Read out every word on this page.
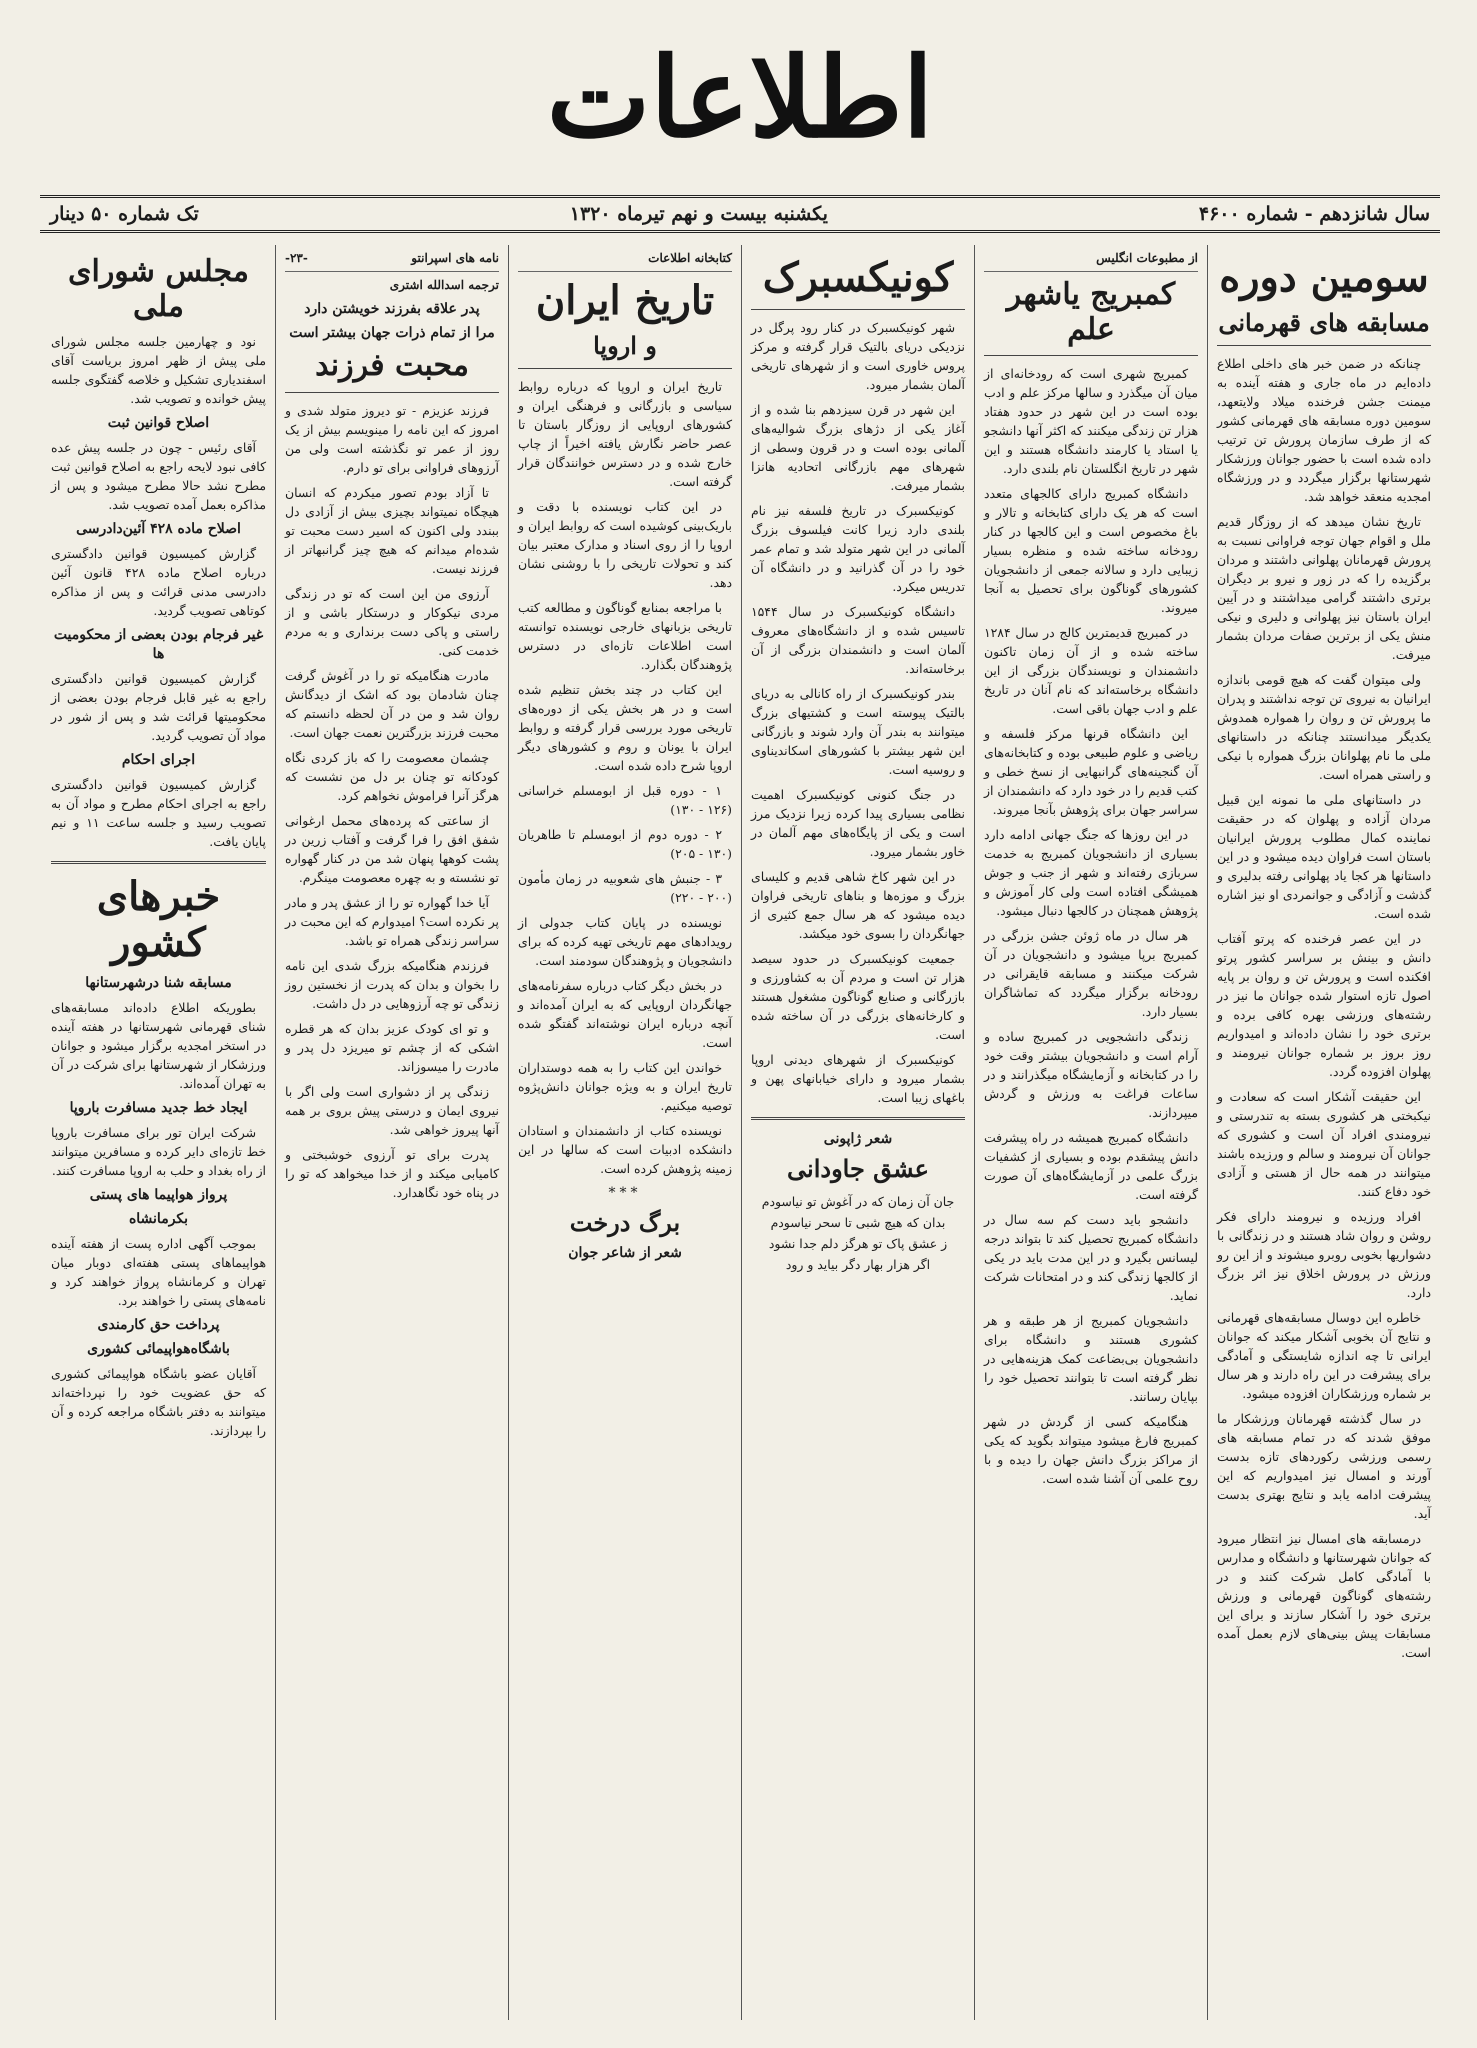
اطلاعات
سال شانزدهم - شماره ۴۶۰۰
یکشنبه بیست و نهم تیرماه ۱۳۲۰
تک شماره ۵۰ دینار
سومین دوره
مسابقه های قهرمانی

چنانکه در ضمن خبر های داخلی اطلاع داده‌ایم در ماه جاری و هفته آینده به میمنت جشن فرخنده میلاد ولایتعهد، سومین دوره مسابقه های قهرمانی کشور که از طرف سازمان پرورش تن ترتیب داده شده است با حضور جوانان ورزشکار شهرستانها برگزار میگردد و در ورزشگاه امجدیه منعقد خواهد شد.

تاریخ نشان میدهد که از روزگار قدیم ملل و اقوام جهان توجه فراوانی نسبت به پرورش قهرمانان پهلوانی داشتند و مردان برگزیده را که در زور و نیرو بر دیگران برتری داشتند گرامی میداشتند و در آیین ایران باستان نیز پهلوانی و دلیری و نیکی منش یکی از برترین صفات مردان بشمار میرفت.

ولی میتوان گفت که هیچ قومی باندازه ایرانیان به نیروی تن توجه نداشتند و پدران ما پرورش تن و روان را همواره همدوش یکدیگر میدانستند چنانکه در داستانهای ملی ما نام پهلوانان بزرگ همواره با نیکی و راستی همراه است.

در داستانهای ملی ما نمونه این قبیل مردان آزاده و پهلوان که در حقیقت نماینده کمال مطلوب پرورش ایرانیان باستان است فراوان دیده میشود و در این داستانها هر کجا یاد پهلوانی رفته بدلیری و گذشت و آزادگی و جوانمردی او نیز اشاره شده است.

در این عصر فرخنده که پرتو آفتاب دانش و بینش بر سراسر کشور پرتو افکنده است و پرورش تن و روان بر پایه اصول تازه استوار شده جوانان ما نیز در رشته‌های ورزشی بهره کافی برده و برتری خود را نشان داده‌اند و امیدواریم روز بروز بر شماره جوانان نیرومند و پهلوان افزوده گردد.

این حقیقت آشکار است که سعادت و نیکبختی هر کشوری بسته به تندرستی و نیرومندی افراد آن است و کشوری که جوانان آن نیرومند و سالم و ورزیده باشند میتوانند در همه حال از هستی و آزادی خود دفاع کنند.

افراد ورزیده و نیرومند دارای فکر روشن و روان شاد هستند و در زندگانی با دشواریها بخوبی روبرو میشوند و از این رو ورزش در پرورش اخلاق نیز اثر بزرگ دارد.

خاطره این دوسال مسابقه‌های قهرمانی و نتایج آن بخوبی آشکار میکند که جوانان ایرانی تا چه اندازه شایستگی و آمادگی برای پیشرفت در این راه دارند و هر سال بر شماره ورزشکاران افزوده میشود.

در سال گذشته قهرمانان ورزشکار ما موفق شدند که در تمام مسابقه های رسمی ورزشی رکوردهای تازه بدست آورند و امسال نیز امیدواریم که این پیشرفت ادامه یابد و نتایج بهتری بدست آید.

درمسابقه های امسال نیز انتظار میرود که جوانان شهرستانها و دانشگاه و مدارس با آمادگی کامل شرکت کنند و در رشته‌های گوناگون قهرمانی و ورزش برتری خود را آشکار سازند و برای این مسابقات پیش بینی‌های لازم بعمل آمده است.

از مطبوعات انگلیس
کمبریج یاشهر علم

کمبریج شهری است که رودخانه‌ای از میان آن میگذرد و سالها مرکز علم و ادب بوده است در این شهر در حدود هفتاد هزار تن زندگی میکنند که اکثر آنها دانشجو یا استاد یا کارمند دانشگاه هستند و این شهر در تاریخ انگلستان نام بلندی دارد.

دانشگاه کمبریج دارای کالجهای متعدد است که هر یک دارای کتابخانه و تالار و باغ مخصوص است و این کالجها در کنار رودخانه ساخته شده و منظره بسیار زیبایی دارد و سالانه جمعی از دانشجویان کشورهای گوناگون برای تحصیل به آنجا میروند.

در کمبریج قدیمترین کالج در سال ۱۲۸۴ ساخته شده و از آن زمان تاکنون دانشمندان و نویسندگان بزرگی از این دانشگاه برخاسته‌اند که نام آنان در تاریخ علم و ادب جهان باقی است.

این دانشگاه قرنها مرکز فلسفه و ریاضی و علوم طبیعی بوده و کتابخانه‌های آن گنجینه‌های گرانبهایی از نسخ خطی و کتب قدیم را در خود دارد که دانشمندان از سراسر جهان برای پژوهش بآنجا میروند.

در این روزها که جنگ جهانی ادامه دارد بسیاری از دانشجویان کمبریج به خدمت سربازی رفته‌اند و شهر از جنب و جوش همیشگی افتاده است ولی کار آموزش و پژوهش همچنان در کالجها دنبال میشود.

هر سال در ماه ژوئن جشن بزرگی در کمبریج برپا میشود و دانشجویان در آن شرکت میکنند و مسابقه قایقرانی در رودخانه برگزار میگردد که تماشاگران بسیار دارد.

زندگی دانشجویی در کمبریج ساده و آرام است و دانشجویان بیشتر وقت خود را در کتابخانه و آزمایشگاه میگذرانند و در ساعات فراغت به ورزش و گردش میپردازند.

دانشگاه کمبریج همیشه در راه پیشرفت دانش پیشقدم بوده و بسیاری از کشفیات بزرگ علمی در آزمایشگاه‌های آن صورت گرفته است.

دانشجو باید دست کم سه سال در دانشگاه کمبریج تحصیل کند تا بتواند درجه لیسانس بگیرد و در این مدت باید در یکی از کالجها زندگی کند و در امتحانات شرکت نماید.

دانشجویان کمبریج از هر طبقه و هر کشوری هستند و دانشگاه برای دانشجویان بی‌بضاعت کمک هزینه‌هایی در نظر گرفته است تا بتوانند تحصیل خود را بپایان رسانند.

هنگامیکه کسی از گردش در شهر کمبریج فارغ میشود میتواند بگوید که یکی از مراکز بزرگ دانش جهان را دیده و با روح علمی آن آشنا شده است.

کونیکسبرک

شهر کونیکسبرک در کنار رود پرگل در نزدیکی دریای بالتیک قرار گرفته و مرکز پروس خاوری است و از شهرهای تاریخی آلمان بشمار میرود.

این شهر در قرن سیزدهم بنا شده و از آغاز یکی از دژهای بزرگ شوالیه‌های آلمانی بوده است و در قرون وسطی از شهرهای مهم بازرگانی اتحادیه هانزا بشمار میرفت.

کونیکسبرک در تاریخ فلسفه نیز نام بلندی دارد زیرا کانت فیلسوف بزرگ آلمانی در این شهر متولد شد و تمام عمر خود را در آن گذرانید و در دانشگاه آن تدریس میکرد.

دانشگاه کونیکسبرک در سال ۱۵۴۴ تاسیس شده و از دانشگاه‌های معروف آلمان است و دانشمندان بزرگی از آن برخاسته‌اند.

بندر کونیکسبرک از راه کانالی به دریای بالتیک پیوسته است و کشتیهای بزرگ میتوانند به بندر آن وارد شوند و بازرگانی این شهر بیشتر با کشورهای اسکاندیناوی و روسیه است.

در جنگ کنونی کونیکسبرک اهمیت نظامی بسیاری پیدا کرده زیرا نزدیک مرز است و یکی از پایگاه‌های مهم آلمان در خاور بشمار میرود.

در این شهر کاخ شاهی قدیم و کلیسای بزرگ و موزه‌ها و بناهای تاریخی فراوان دیده میشود که هر سال جمع کثیری از جهانگردان را بسوی خود میکشد.

جمعیت کونیکسبرک در حدود سیصد هزار تن است و مردم آن به کشاورزی و بازرگانی و صنایع گوناگون مشغول هستند و کارخانه‌های بزرگی در آن ساخته شده است.

کونیکسبرک از شهرهای دیدنی اروپا بشمار میرود و دارای خیابانهای پهن و باغهای زیبا است.

شعر ژاپونی
عشق جاودانی
جان آن زمان که در آغوش تو نیاسودم
بدان که هیچ شبی تا سحر نیاسودم
ز عشق پاک تو هرگز دلم جدا نشود
اگر هزار بهار دگر بیاید و رود
کتابخانه اطلاعات
تاریخ ایران
و اروپا

تاریخ ایران و اروپا که درباره روابط سیاسی و بازرگانی و فرهنگی ایران و کشورهای اروپایی از روزگار باستان تا عصر حاضر نگارش یافته اخیراً از چاپ خارج شده و در دسترس خوانندگان قرار گرفته است.

در این کتاب نویسنده با دقت و باریک‌بینی کوشیده است که روابط ایران و اروپا را از روی اسناد و مدارک معتبر بیان کند و تحولات تاریخی را با روشنی نشان دهد.

با مراجعه بمنابع گوناگون و مطالعه کتب تاریخی بزبانهای خارجی نویسنده توانسته است اطلاعات تازه‌ای در دسترس پژوهندگان بگذارد.

این کتاب در چند بخش تنظیم شده است و در هر بخش یکی از دوره‌های تاریخی مورد بررسی قرار گرفته و روابط ایران با یونان و روم و کشورهای دیگر اروپا شرح داده شده است.

۱ - دوره قبل از ابومسلم خراسانی (۱۲۶ - ۱۳۰)

۲ - دوره دوم از ابومسلم تا طاهریان (۱۳۰ - ۲۰۵)

۳ - جنبش های شعوبیه در زمان مأمون (۲۰۰ - ۲۲۰)

نویسنده در پایان کتاب جدولی از رویدادهای مهم تاریخی تهیه کرده که برای دانشجویان و پژوهندگان سودمند است.

در بخش دیگر کتاب درباره سفرنامه‌های جهانگردان اروپایی که به ایران آمده‌اند و آنچه درباره ایران نوشته‌اند گفتگو شده است.

خواندن این کتاب را به همه دوستداران تاریخ ایران و به ویژه جوانان دانش‌پژوه توصیه میکنیم.

نویسنده کتاب از دانشمندان و استادان دانشکده ادبیات است که سالها در این زمینه پژوهش کرده است.

***
برگ درخت
شعر از شاعر جوان
نامه های اسپرانتو
-۲۳-
ترجمه اسدالله اشتری
پدر علاقه بفرزند خویشتن دارد
مرا از تمام ذرات جهان بیشتر است
محبت فرزند

فرزند عزیزم - تو دیروز متولد شدی و امروز که این نامه را مینویسم بیش از یک روز از عمر تو نگذشته است ولی من آرزوهای فراوانی برای تو دارم.

تا آزاد بودم تصور میکردم که انسان هیچگاه نمیتواند بچیزی بیش از آزادی دل ببندد ولی اکنون که اسیر دست محبت تو شده‌ام میدانم که هیچ چیز گرانبهاتر از فرزند نیست.

آرزوی من این است که تو در زندگی مردی نیکوکار و درستکار باشی و از راستی و پاکی دست برنداری و به مردم خدمت کنی.

مادرت هنگامیکه تو را در آغوش گرفت چنان شادمان بود که اشک از دیدگانش روان شد و من در آن لحظه دانستم که محبت فرزند بزرگترین نعمت جهان است.

چشمان معصومت را که باز کردی نگاه کودکانه تو چنان بر دل من نشست که هرگز آنرا فراموش نخواهم کرد.

از ساعتی که پرده‌های محمل ارغوانی شفق افق را فرا گرفت و آفتاب زرین در پشت کوهها پنهان شد من در کنار گهواره تو نشسته و به چهره معصومت مینگرم.

آیا خدا گهواره تو را از عشق پدر و مادر پر نکرده است؟ امیدوارم که این محبت در سراسر زندگی همراه تو باشد.

فرزندم هنگامیکه بزرگ شدی این نامه را بخوان و بدان که پدرت از نخستین روز زندگی تو چه آرزوهایی در دل داشت.

و تو ای کودک عزیز بدان که هر قطره اشکی که از چشم تو میریزد دل پدر و مادرت را میسوزاند.

زندگی پر از دشواری است ولی اگر با نیروی ایمان و درستی پیش بروی بر همه آنها پیروز خواهی شد.

پدرت برای تو آرزوی خوشبختی و کامیابی میکند و از خدا میخواهد که تو را در پناه خود نگاهدارد.

مجلس شورای ملی

نود و چهارمین جلسه مجلس شورای ملی پیش از ظهر امروز بریاست آقای اسفندیاری تشکیل و خلاصه گفتگوی جلسه پیش خوانده و تصویب شد.

اصلاح قوانین ثبت

آقای رئیس - چون در جلسه پیش عده کافی نبود لایحه راجع به اصلاح قوانین ثبت مطرح نشد حالا مطرح میشود و پس از مذاکره بعمل آمده تصویب شد.

اصلاح ماده ۴۲۸ آئین‌دادرسی

گزارش کمیسیون قوانین دادگستری درباره اصلاح ماده ۴۲۸ قانون آئین دادرسی مدنی قرائت و پس از مذاکره کوتاهی تصویب گردید.

غیر فرجام بودن بعضی از محکومیت ها

گزارش کمیسیون قوانین دادگستری راجع به غیر قابل فرجام بودن بعضی از محکومیتها قرائت شد و پس از شور در مواد آن تصویب گردید.

اجرای احکام

گزارش کمیسیون قوانین دادگستری راجع به اجرای احکام مطرح و مواد آن به تصویب رسید و جلسه ساعت ۱۱ و نیم پایان یافت.

خبرهای کشور
مسابقه شنا درشهرستانها

بطوریکه اطلاع داده‌اند مسابقه‌های شنای قهرمانی شهرستانها در هفته آینده در استخر امجدیه برگزار میشود و جوانان ورزشکار از شهرستانها برای شرکت در آن به تهران آمده‌اند.

ایجاد خط جدید مسافرت باروپا

شرکت ایران تور برای مسافرت باروپا خط تازه‌ای دایر کرده و مسافرین میتوانند از راه بغداد و حلب به اروپا مسافرت کنند.

پرواز هواپیما های پستی
بکرمانشاه

بموجب آگهی اداره پست از هفته آینده هواپیماهای پستی هفته‌ای دوبار میان تهران و کرمانشاه پرواز خواهند کرد و نامه‌های پستی را خواهند برد.

پرداخت حق کارمندی
باشگاه‌هواپیمائی کشوری

آقایان عضو باشگاه هواپیمائی کشوری که حق عضویت خود را نپرداخته‌اند میتوانند به دفتر باشگاه مراجعه کرده و آن را بپردازند.
